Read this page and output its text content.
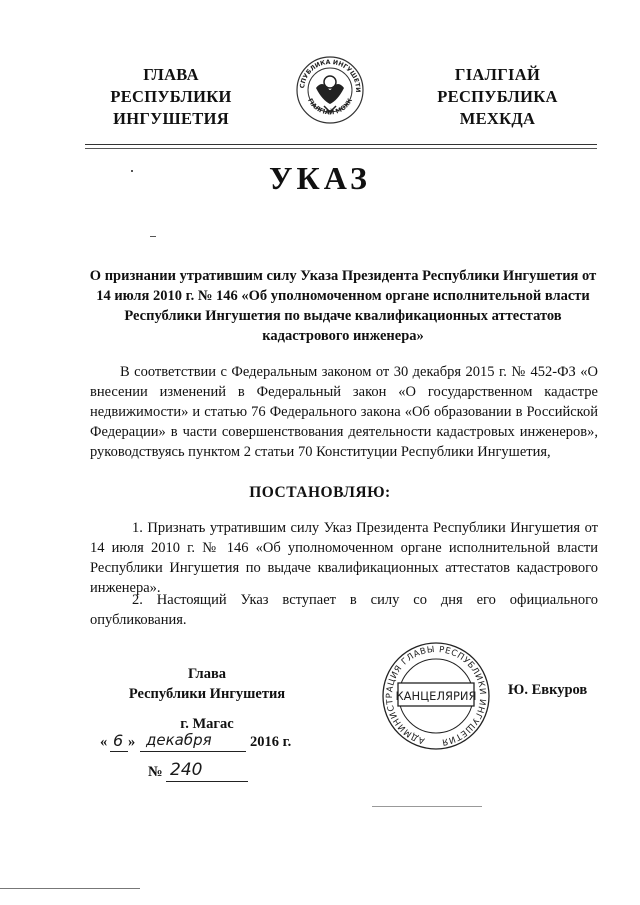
ГЛАВА
РЕСПУБЛИКИ
ИНГУШЕТИЯ
СПУБЛИКА ИНГУШЕТИ
ГIАЛГIАЙ МОХК
ГIАЛГIАЙ
РЕСПУБЛИКА
МЕХКДА
УКАЗ
О признании утратившим силу Указа Президента Республики Ингушетия от 14 июля 2010 г. № 146 «Об уполномоченном органе исполнительной власти Республики Ингушетия по выдаче квалификационных аттестатов кадастрового инженера»
В соответствии с Федеральным законом от 30 декабря 2015 г. № 452-ФЗ «О внесении изменений в Федеральный закон «О государственном кадастре недвижимости» и статью 76 Федерального закона «Об образовании в Российской Федерации» в части совершенствования деятельности кадастровых инженеров», руководствуясь пунктом 2 статьи 70 Конституции Республики Ингушетия,
ПОСТАНОВЛЯЮ:
1. Признать утратившим силу Указ Президента Республики Ингушетия от 14 июля 2010 г. № 146 «Об уполномоченном органе исполнительной власти Республики Ингушетия по выдаче квалификационных аттестатов кадастрового инженера».
2. Настоящий Указ вступает в силу со дня его официального опубликования.
Глава
Республики Ингушетия
АДМИНИСТРАЦИЯ ГЛАВЫ РЕСПУБЛИКИ ИНГУШЕТИЯ
КАНЦЕЛЯРИЯ Ю. Евкуров
г. Магас
« 6 » декабря	2016 г.
№ 240
